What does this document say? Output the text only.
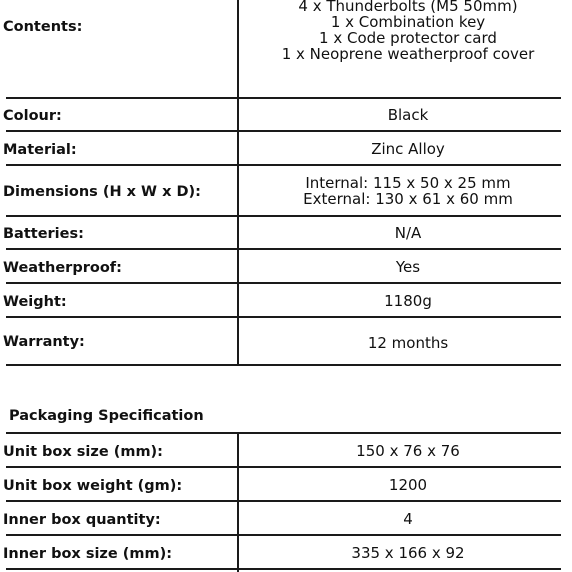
Contents:
4 x Thunderbolts (M5 50mm)
1 x Combination key
1 x Code protector card
1 x Neoprene weatherproof cover
Colour:	Black
Material:	Zinc Alloy
Dimensions (H x W x D):	Internal: 115 x 50 x 25 mm
External: 130 x 61 x 60 mm
Batteries:	N/A
Weatherproof:	Yes
Weight:	1180g
Warranty:	12 months
Packaging Specification
Unit box size (mm):	150 x 76 x 76
Unit box weight (gm):	1200
Inner box quantity:	4
Inner box size (mm):	335 x 166 x 92
